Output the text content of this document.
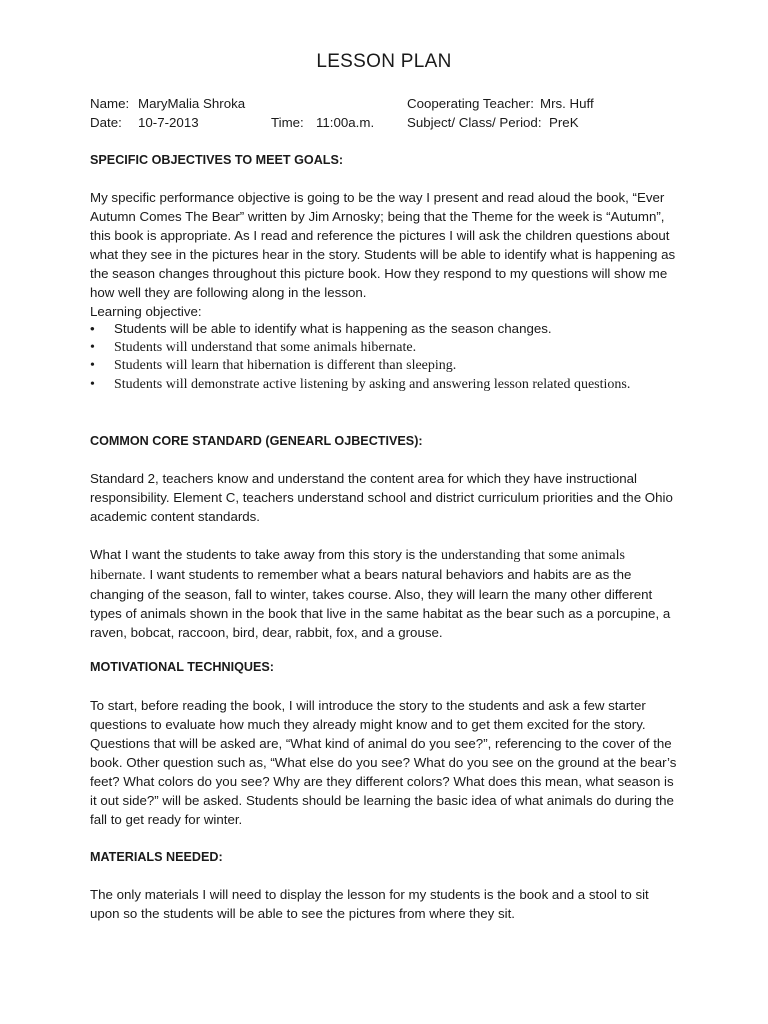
LESSON PLAN
Name: MaryMalia Shroka	Cooperating Teacher: Mrs. Huff
Date: 10-7-2013	Time: 11:00a.m. Subject/ Class/ Period: PreK
SPECIFIC OBJECTIVES TO MEET GOALS:

My specific performance objective is going to be the way I present and read aloud the book, “Ever Autumn Comes The Bear” written by Jim Arnosky; being that the Theme for the week is “Autumn”, this book is appropriate. As I read and reference the pictures I will ask the children questions about what they see in the pictures hear in the story. Students will be able to identify what is happening as the season changes throughout this picture book. How they respond to my questions will show me how well they are following along in the lesson.

Learning objective:
• Students will be able to identify what is happening as the season changes.
• Students will understand that some animals hibernate.
• Students will learn that hibernation is different than sleeping.
• Students will demonstrate active listening by asking and answering lesson related questions.
COMMON CORE STANDARD (GENEARL OJBECTIVES):

Standard 2, teachers know and understand the content area for which they have instructional responsibility. Element C, teachers understand school and district curriculum priorities and the Ohio academic content standards.

What I want the students to take away from this story is the understanding that some animals hibernate. I want students to remember what a bears natural behaviors and habits are as the changing of the season, fall to winter, takes course. Also, they will learn the many other different types of animals shown in the book that live in the same habitat as the bear such as a porcupine, a raven, bobcat, raccoon, bird, dear, rabbit, fox, and a grouse.

MOTIVATIONAL TECHNIQUES:

To start, before reading the book, I will introduce the story to the students and ask a few starter questions to evaluate how much they already might know and to get them excited for the story. Questions that will be asked are, “What kind of animal do you see?”, referencing to the cover of the book. Other question such as, “What else do you see? What do you see on the ground at the bear’s feet? What colors do you see? Why are they different colors? What does this mean, what season is it out side?” will be asked. Students should be learning the basic idea of what animals do during the fall to get ready for winter.

MATERIALS NEEDED:

The only materials I will need to display the lesson for my students is the book and a stool to sit upon so the students will be able to see the pictures from where they sit.
